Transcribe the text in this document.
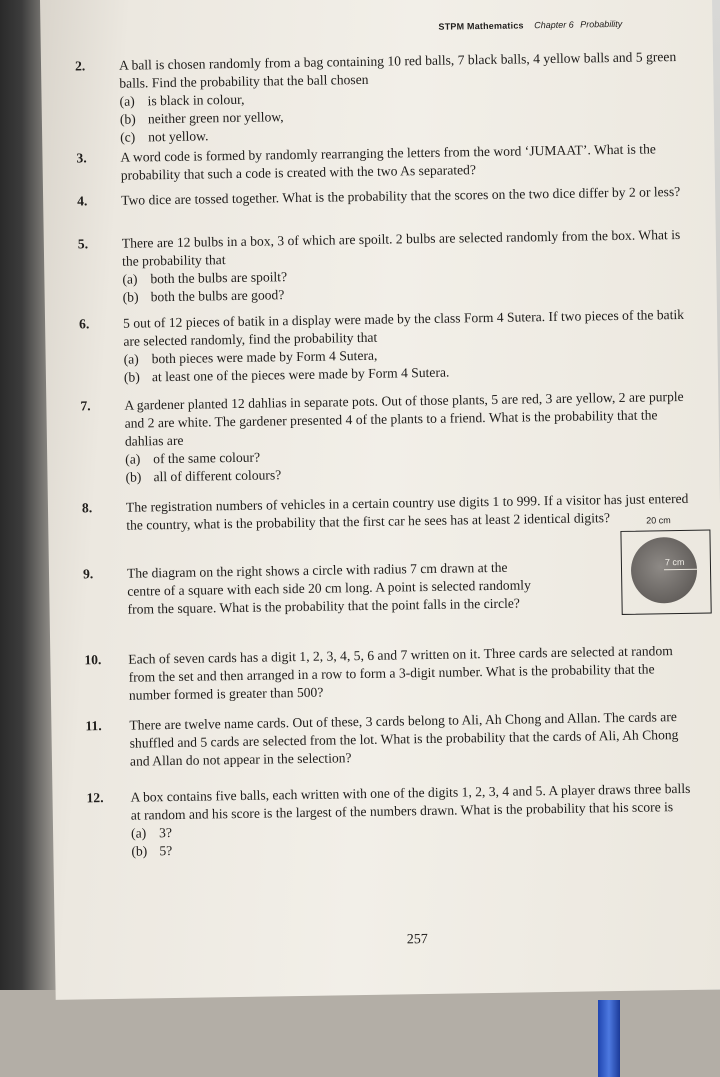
STPM Mathematics Chapter 6 Probability
2. A ball is chosen randomly from a bag containing 10 red balls, 7 black balls, 4 yellow balls and 5 green balls. Find the probability that the ball chosen
(a) is black in colour,
(b) neither green nor yellow,
(c) not yellow.
3. A word code is formed by randomly rearranging the letters from the word ‘JUMAAT’. What is the probability that such a code is created with the two As separated?
4. Two dice are tossed together. What is the probability that the scores on the two dice differ by 2 or less?
5. There are 12 bulbs in a box, 3 of which are spoilt. 2 bulbs are selected randomly from the box. What is the probability that
(a) both the bulbs are spoilt?
(b) both the bulbs are good?
6. 5 out of 12 pieces of batik in a display were made by the class Form 4 Sutera. If two pieces of the batik are selected randomly, find the probability that
(a) both pieces were made by Form 4 Sutera,
(b) at least one of the pieces were made by Form 4 Sutera.
7. A gardener planted 12 dahlias in separate pots. Out of those plants, 5 are red, 3 are yellow, 2 are purple and 2 are white. The gardener presented 4 of the plants to a friend. What is the probability that the dahlias are
(a) of the same colour?
(b) all of different colours?
8. The registration numbers of vehicles in a certain country use digits 1 to 999. If a visitor has just entered the country, what is the probability that the first car he sees has at least 2 identical digits?
9. The diagram on the right shows a circle with radius 7 cm drawn at the centre of a square with each side 20 cm long. A point is selected randomly from the square. What is the probability that the point falls in the circle?
20 cm
7 cm
10. Each of seven cards has a digit 1, 2, 3, 4, 5, 6 and 7 written on it. Three cards are selected at random from the set and then arranged in a row to form a 3-digit number. What is the probability that the number formed is greater than 500?
11. There are twelve name cards. Out of these, 3 cards belong to Ali, Ah Chong and Allan. The cards are shuffled and 5 cards are selected from the lot. What is the probability that the cards of Ali, Ah Chong and Allan do not appear in the selection?
12. A box contains five balls, each written with one of the digits 1, 2, 3, 4 and 5. A player draws three balls at random and his score is the largest of the numbers drawn. What is the probability that his score is
(a) 3?
(b) 5?
257
